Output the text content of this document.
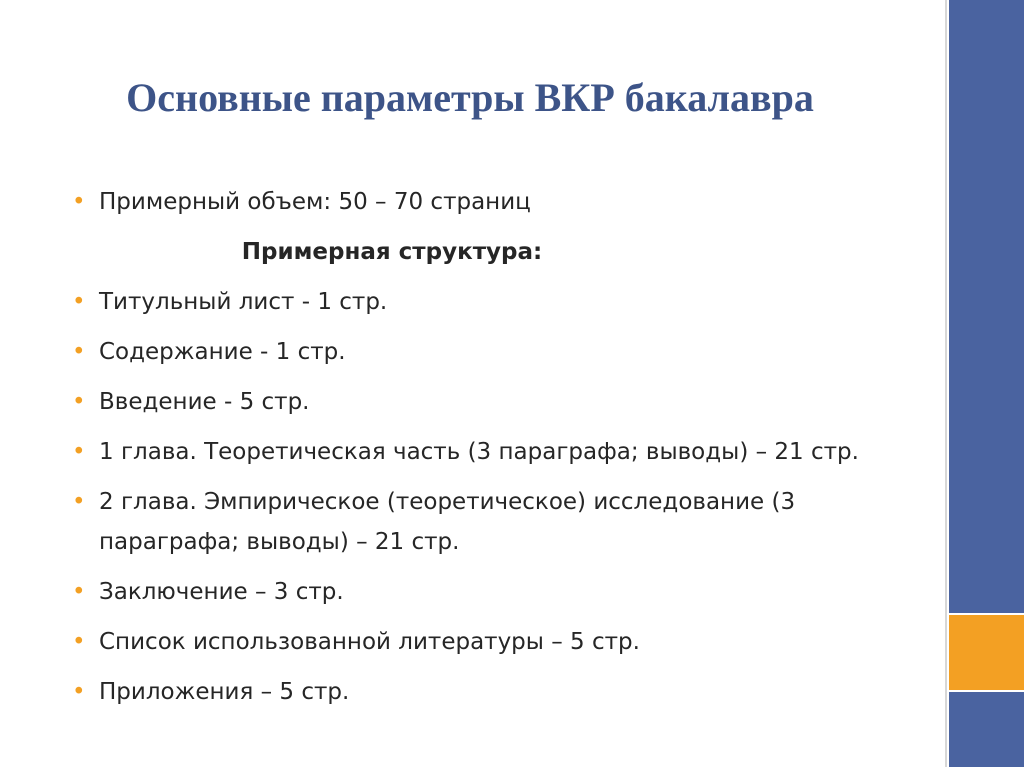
Основные параметры ВКР бакалавра
• Примерный объем: 50 – 70 страниц
Примерная структура:
• Титульный лист - 1 стр.
• Содержание - 1 стр.
• Введение - 5 стр.
• 1 глава. Теоретическая часть (3 параграфа; выводы) – 21 стр.
• 2 глава. Эмпирическое (теоретическое) исследование (3 параграфа; выводы) – 21 стр.
• Заключение – 3 стр.
• Список использованной литературы – 5 стр.
• Приложения – 5 стр.
